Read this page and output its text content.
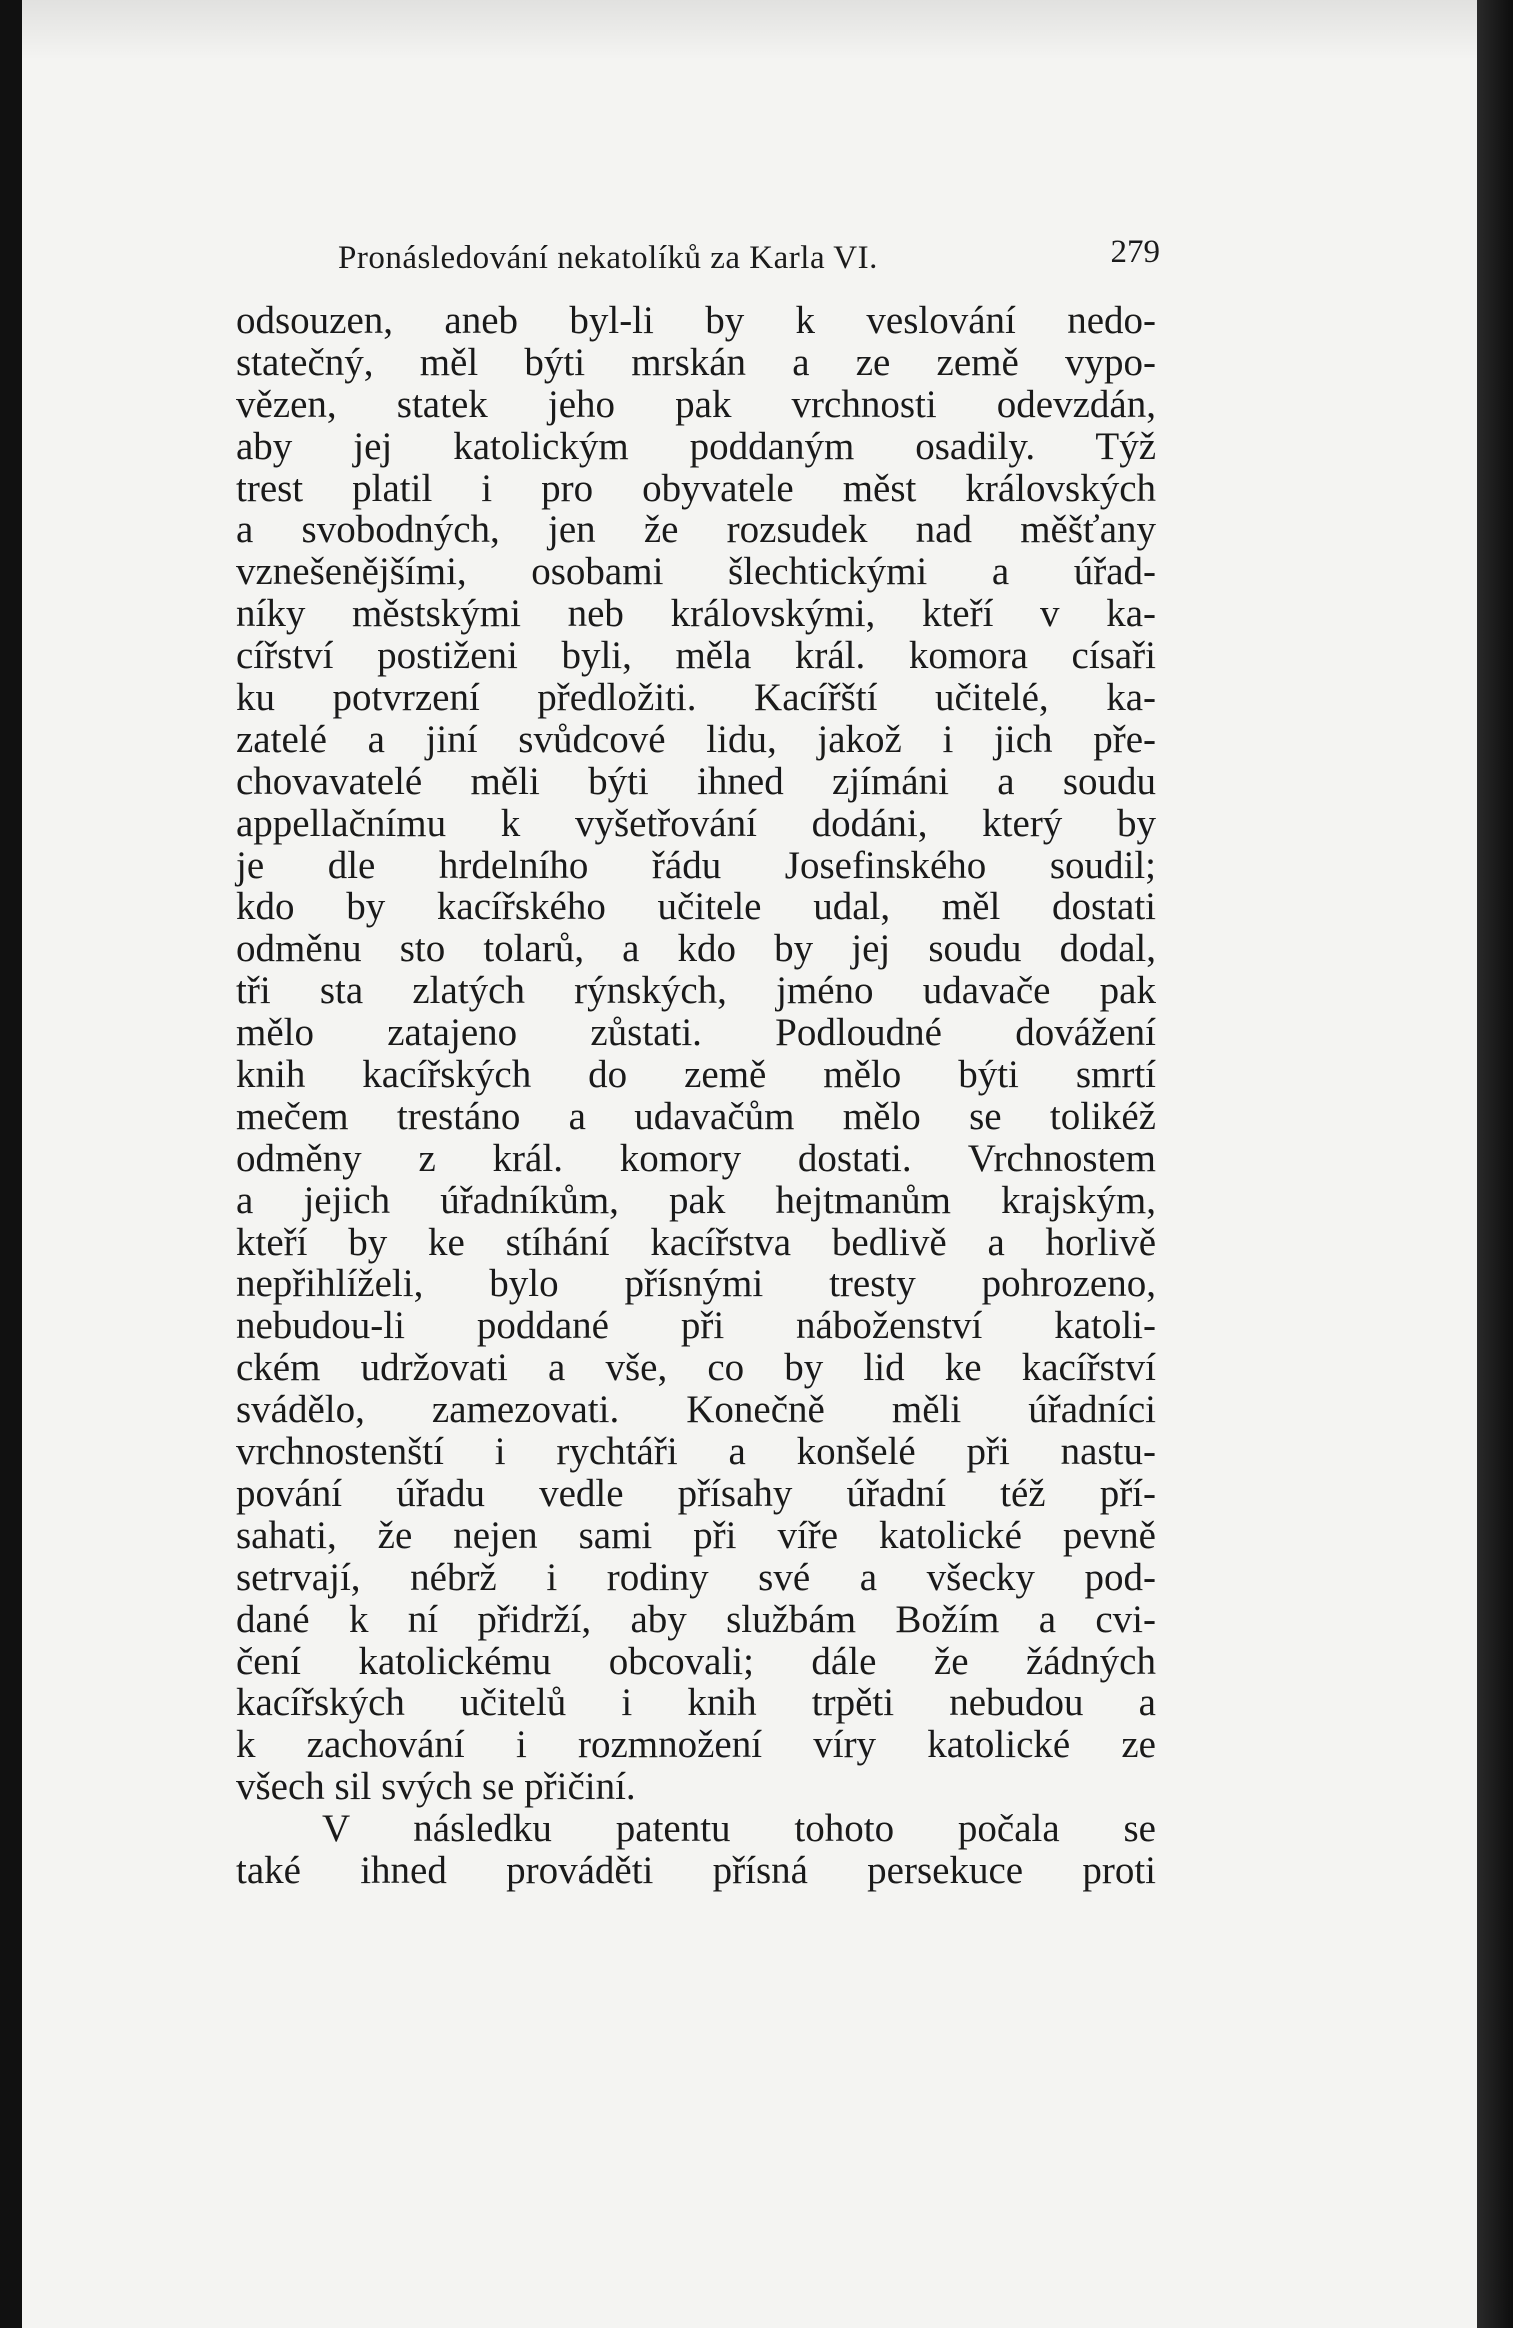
Pronásledování nekatolíků za Karla VI.	279
odsouzen, aneb byl-li by k veslování nedo-
statečný, měl býti mrskán a ze země vypo-
vězen, statek jeho pak vrchnosti odevzdán,
aby jej katolickým poddaným osadily. Týž
trest platil i pro obyvatele měst královských
a svobodných, jen že rozsudek nad měšťany
vznešenějšími, osobami šlechtickými a úřad-
níky městskými neb královskými, kteří v ka-
cířství postiženi byli, měla král. komora císaři
ku potvrzení předložiti. Kacířští učitelé, ka-
zatelé a jiní svůdcové lidu, jakož i jich pře-
chovavatelé měli býti ihned zjímáni a soudu
appellačnímu k vyšetřování dodáni, který by
je dle hrdelního řádu Josefinského soudil;
kdo by kacířského učitele udal, měl dostati
odměnu sto tolarů, a kdo by jej soudu dodal,
tři sta zlatých rýnských, jméno udavače pak
mělo zatajeno zůstati. Podloudné dovážení
knih kacířských do země mělo býti smrtí
mečem trestáno a udavačům mělo se tolikéž
odměny z král. komory dostati. Vrchnostem
a jejich úřadníkům, pak hejtmanům krajským,
kteří by ke stíhání kacířstva bedlivě a horlivě
nepřihlíželi, bylo přísnými tresty pohrozeno,
nebudou-li poddané při náboženství katoli-
ckém udržovati a vše, co by lid ke kacířství
svádělo, zamezovati. Konečně měli úřadníci
vrchnostenští i rychtáři a konšelé při nastu-
pování úřadu vedle přísahy úřadní též pří-
sahati, že nejen sami při víře katolické pevně
setrvají, nébrž i rodiny své a všecky pod-
dané k ní přidrží, aby službám Božím a cvi-
čení katolickému obcovali; dále že žádných
kacířských učitelů i knih trpěti nebudou a
k zachování i rozmnožení víry katolické ze
všech sil svých se přičiní.
V následku patentu tohoto počala se
také ihned prováděti přísná persekuce proti
